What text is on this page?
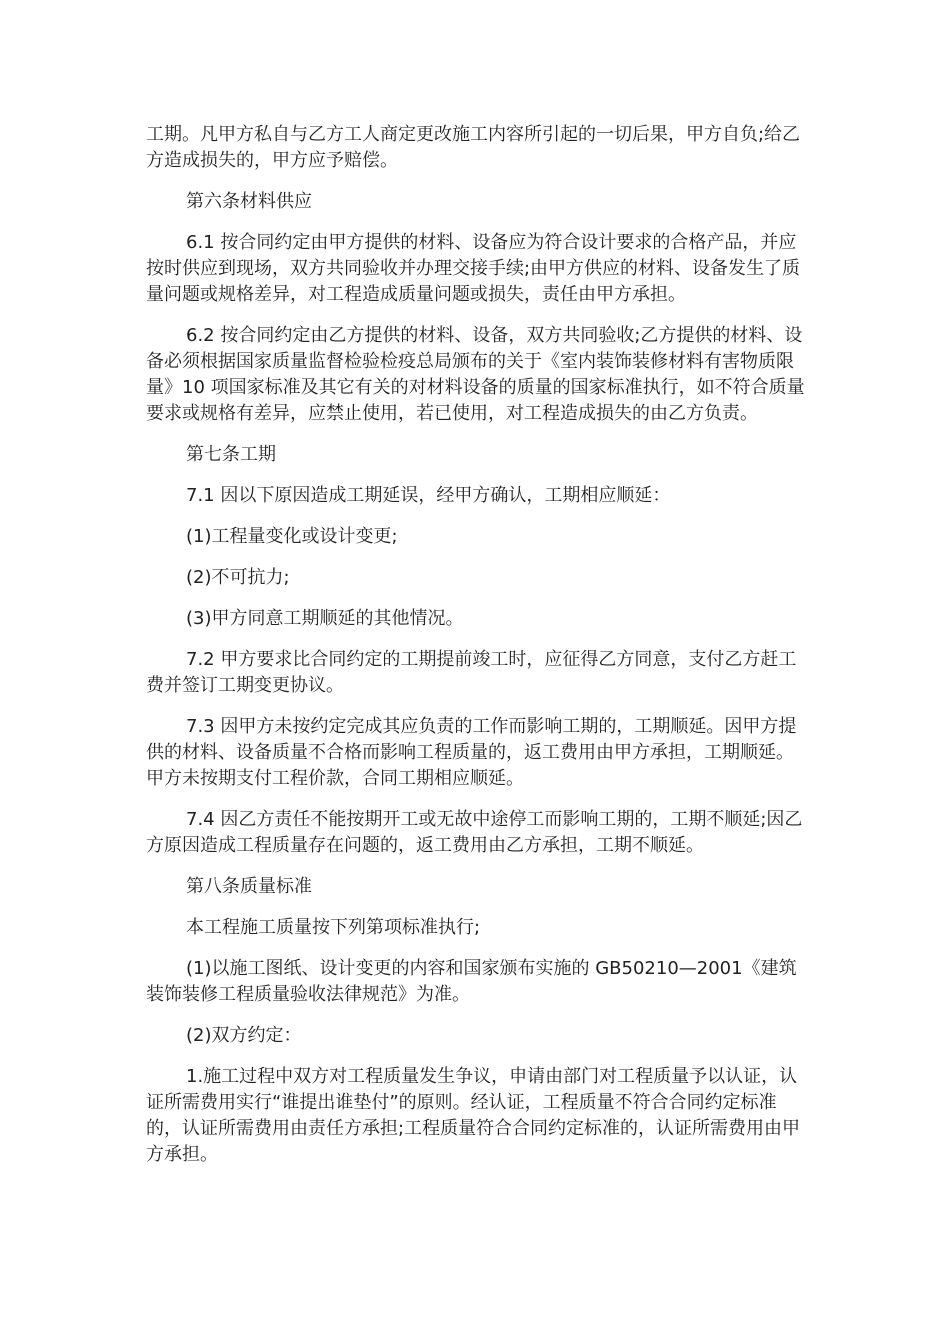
工期。凡甲方私自与乙方工人商定更改施工内容所引起的一切后果，甲方自负;给乙方造成损失的，甲方应予赔偿。

第六条材料供应

6.1 按合同约定由甲方提供的材料、设备应为符合设计要求的合格产品，并应按时供应到现场，双方共同验收并办理交接手续;由甲方供应的材料、设备发生了质量问题或规格差异，对工程造成质量问题或损失，责任由甲方承担。

6.2 按合同约定由乙方提供的材料、设备，双方共同验收;乙方提供的材料、设备必须根据国家质量监督检验检疫总局颁布的关于《室内装饰装修材料有害物质限量》10 项国家标准及其它有关的对材料设备的质量的国家标准执行，如不符合质量要求或规格有差异，应禁止使用，若已使用，对工程造成损失的由乙方负责。

第七条工期

7.1 因以下原因造成工期延误，经甲方确认，工期相应顺延：

(1)工程量变化或设计变更;

(2)不可抗力;

(3)甲方同意工期顺延的其他情况。

7.2 甲方要求比合同约定的工期提前竣工时，应征得乙方同意，支付乙方赶工费并签订工期变更协议。

7.3 因甲方未按约定完成其应负责的工作而影响工期的，工期顺延。因甲方提供的材料、设备质量不合格而影响工程质量的，返工费用由甲方承担，工期顺延。甲方未按期支付工程价款，合同工期相应顺延。

7.4 因乙方责任不能按期开工或无故中途停工而影响工期的，工期不顺延;因乙方原因造成工程质量存在问题的，返工费用由乙方承担，工期不顺延。

第八条质量标准

本工程施工质量按下列第项标准执行;

(1)以施工图纸、设计变更的内容和国家颁布实施的 GB50210—2001《建筑装饰装修工程质量验收法律规范》为准。

(2)双方约定：

1.施工过程中双方对工程质量发生争议，申请由部门对工程质量予以认证，认证所需费用实行“谁提出谁垫付”的原则。经认证，工程质量不符合合同约定标准的，认证所需费用由责任方承担;工程质量符合合同约定标准的，认证所需费用由甲方承担。
